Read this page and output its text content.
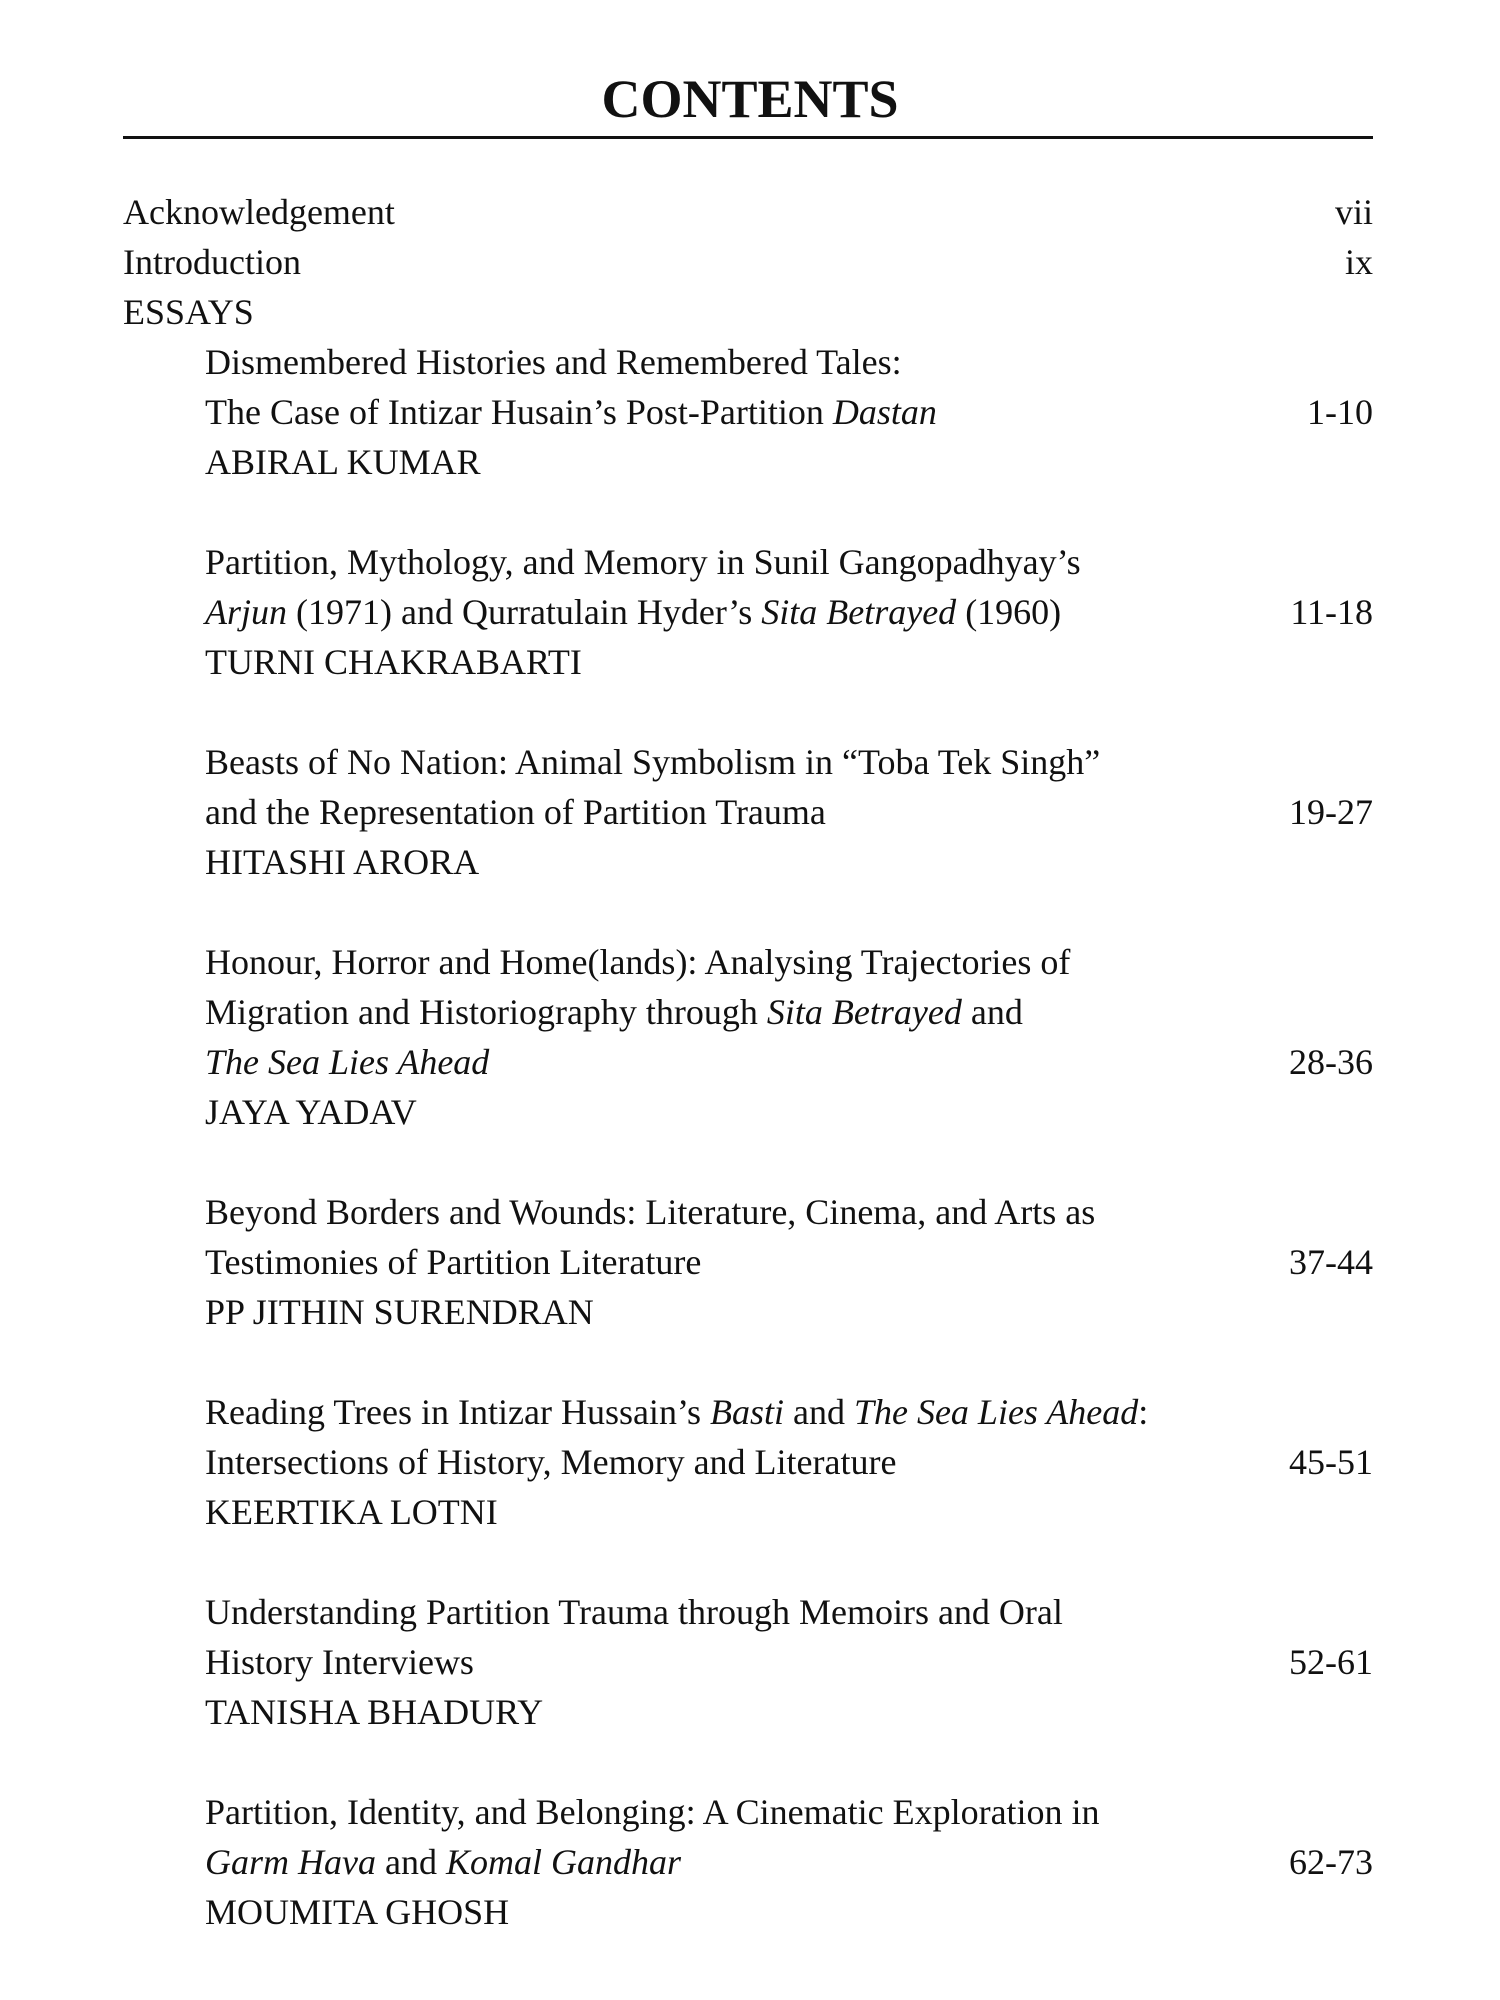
CONTENTS
Acknowledgement	vii
Introduction	ix
ESSAYS
Dismembered Histories and Remembered Tales:
The Case of Intizar Husain’s Post-Partition Dastan	1-10
ABIRAL KUMAR
Partition, Mythology, and Memory in Sunil Gangopadhyay’s
Arjun (1971) and Qurratulain Hyder’s Sita Betrayed (1960)	11-18
TURNI CHAKRABARTI
Beasts of No Nation: Animal Symbolism in “Toba Tek Singh”
and the Representation of Partition Trauma	19-27
HITASHI ARORA
Honour, Horror and Home(lands): Analysing Trajectories of
Migration and Historiography through Sita Betrayed and
The Sea Lies Ahead	28-36
JAYA YADAV
Beyond Borders and Wounds: Literature, Cinema, and Arts as
Testimonies of Partition Literature	37-44
PP JITHIN SURENDRAN
Reading Trees in Intizar Hussain’s Basti and The Sea Lies Ahead:
Intersections of History, Memory and Literature	45-51
KEERTIKA LOTNI
Understanding Partition Trauma through Memoirs and Oral
History Interviews	52-61
TANISHA BHADURY
Partition, Identity, and Belonging: A Cinematic Exploration in
Garm Hava and Komal Gandhar	62-73
MOUMITA GHOSH
